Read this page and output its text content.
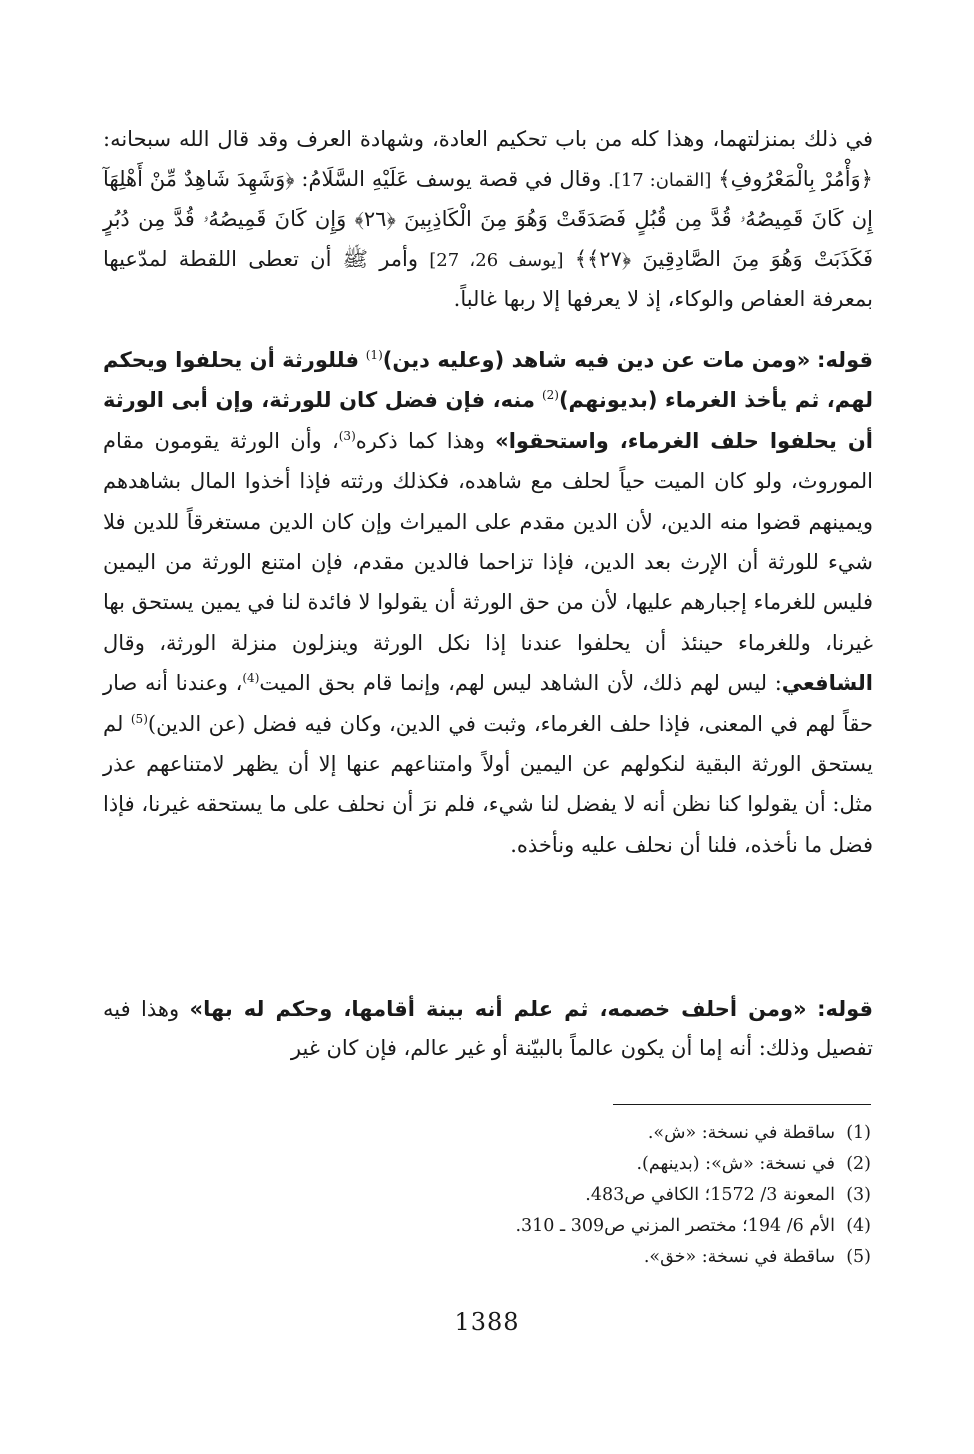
في ذلك بمنزلتهما، وهذا كله من باب تحكيم العادة، وشهادة العرف وقد قال الله سبحانه: ﴿وَأْمُرْ بِالْمَعْرُوفِ﴾ [القمان: 17]. وقال في قصة يوسف عَلَيْهِ السَّلَامُ: ﴿وَشَهِدَ شَاهِدٌ مِّنْ أَهْلِهَآ إِن كَانَ قَمِيصُهُۥ قُدَّ مِن قُبُلٍ فَصَدَقَتْ وَهُوَ مِنَ الْكَاذِبِينَ ﴿٢٦﴾ وَإِن كَانَ قَمِيصُهُۥ قُدَّ مِن دُبُرٍ فَكَذَبَتْ وَهُوَ مِنَ الصَّادِقِينَ ﴿٢٧﴾﴾ [يوسف 26، 27] وأمر ﷺ أن تعطى اللقطة لمدّعيها بمعرفة العفاص والوكاء، إذ لا يعرفها إلا ربها غالباً.

قوله: «ومن مات عن دين فيه شاهد (وعليه دين)$^{(1)}$ فللورثة أن يحلفوا ويحكم لهم، ثم يأخذ الغرماء (بديونهم)$^{(2)}$ منه، فإن فضل كان للورثة، وإن أبى الورثة أن يحلفوا حلف الغرماء، واستحقوا» وهذا كما ذكره$^{(3)}$، وأن الورثة يقومون مقام الموروث، ولو كان الميت حياً لحلف مع شاهده، فكذلك ورثته فإذا أخذوا المال بشاهدهم ويمينهم قضوا منه الدين، لأن الدين مقدم على الميراث وإن كان الدين مستغرقاً للدين فلا شيء للورثة أن الإرث بعد الدين، فإذا تزاحما فالدين مقدم، فإن امتنع الورثة من اليمين فليس للغرماء إجبارهم عليها، لأن من حق الورثة أن يقولوا لا فائدة لنا في يمين يستحق بها غيرنا، وللغرماء حينئذ أن يحلفوا عندنا إذا نكل الورثة وينزلون منزلة الورثة، وقال الشافعي: ليس لهم ذلك، لأن الشاهد ليس لهم، وإنما قام بحق الميت$^{(4)}$، وعندنا أنه صار حقاً لهم في المعنى، فإذا حلف الغرماء، وثبت في الدين، وكان فيه فضل (عن الدين)$^{(5)}$ لم يستحق الورثة البقية لنكولهم عن اليمين أولاً وامتناعهم عنها إلا أن يظهر لامتناعهم عذر مثل: أن يقولوا كنا نظن أنه لا يفضل لنا شيء، فلم نرَ أن نحلف على ما يستحقه غيرنا، فإذا فضل ما نأخذه، فلنا أن نحلف عليه ونأخذه.

قوله: «ومن أحلف خصمه، ثم علم أنه بينة أقامها، وحكم له بها» وهذا فيه تفصيل وذلك: أنه إما أن يكون عالماً بالبيّنة أو غير عالم، فإن كان غير

(1)
ساقطة في نسخة: «ش».
(2)
في نسخة: «ش»: (بدينهم).
(3)
المعونة 3/ 1572؛ الكافي ص483.
(4)
الأم 6/ 194؛ مختصر المزني ص309 ـ 310.
(5)
ساقطة في نسخة: «خق».
1388
